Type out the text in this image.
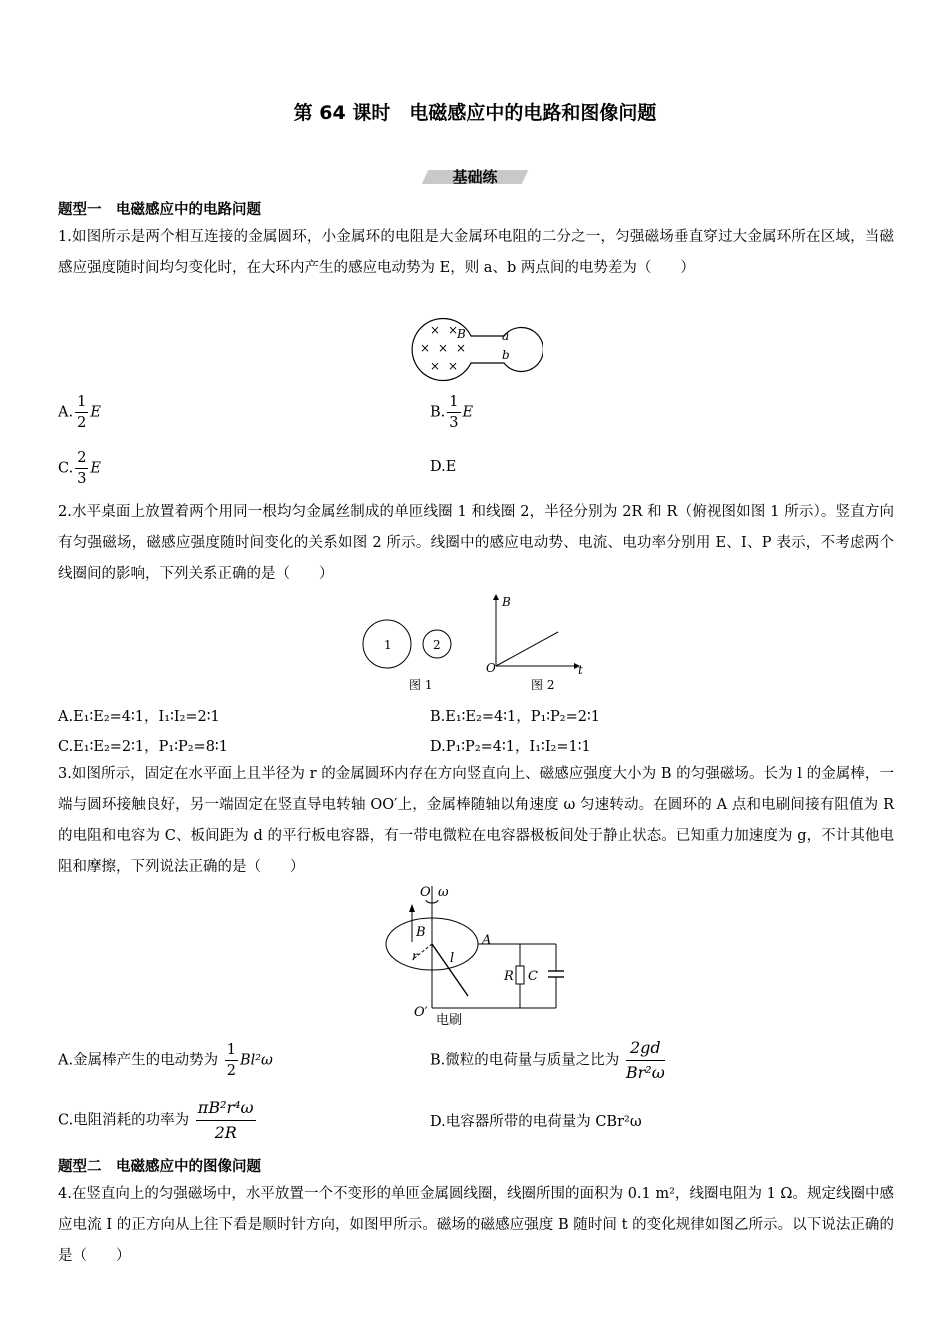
第 64 课时　电磁感应中的电路和图像问题
基础练
题型一　电磁感应中的电路问题
1.如图所示是两个相互连接的金属圆环，小金属环的电阻是大金属环电阻的二分之一，匀强磁场垂直穿过大金属环所在区域，当磁感应强度随时间均匀变化时，在大环内产生的感应电动势为 E，则 a、b 两点间的电势差为（　　）
× ×
× × ×
× ×
B	a
b
A. $\frac{1}{2}$ E	B. $\frac{1}{3}$ E
C. $\frac{2}{3}$ E	D.E
2.水平桌面上放置着两个用同一根均匀金属丝制成的单匝线圈 1 和线圈 2，半径分别为 2R 和 R（俯视图如图 1 所示）。竖直方向有匀强磁场，磁感应强度随时间变化的关系如图 2 所示。线圈中的感应电动势、电流、电功率分别用 E、I、P 表示，不考虑两个线圈间的影响，下列关系正确的是（　　）
1	2
B
O	t
图 1	图 2
A.E₁∶E₂=4∶1，I₁∶I₂=2∶1	B.E₁∶E₂=4∶1，P₁∶P₂=2∶1
C.E₁∶E₂=2∶1，P₁∶P₂=8∶1	D.P₁∶P₂=4∶1，I₁∶I₂=1∶1
3.如图所示，固定在水平面上且半径为 r 的金属圆环内存在方向竖直向上、磁感应强度大小为 B 的匀强磁场。长为 l 的金属棒，一端与圆环接触良好，另一端固定在竖直导电转轴 OO′上，金属棒随轴以角速度 ω 匀速转动。在圆环的 A 点和电刷间接有阻值为 R 的电阻和电容为 C、板间距为 d 的平行板电容器，有一带电微粒在电容器极板间处于静止状态。已知重力加速度为 g，不计其他电阻和摩擦，下列说法正确的是（　　）
O ω
B
A
r l
R C
O′
电刷
A.金属棒产生的电动势为 $\frac{1}{2} Bl^2\omega$	B.微粒的电荷量与质量之比为 $\frac{2gd}{\text{Br²ω}}$
C.电阻消耗的功率为 $\frac{\text{πB²r⁴ω}}{2R}$	D.电容器所带的电荷量为 CBr²ω
题型二　电磁感应中的图像问题
4.在竖直向上的匀强磁场中，水平放置一个不变形的单匝金属圆线圈，线圈所围的面积为 0.1 m²，线圈电阻为 1 Ω。规定线圈中感应电流 I 的正方向从上往下看是顺时针方向，如图甲所示。磁场的磁感应强度 B 随时间 t 的变化规律如图乙所示。以下说法正确的是（　　）
